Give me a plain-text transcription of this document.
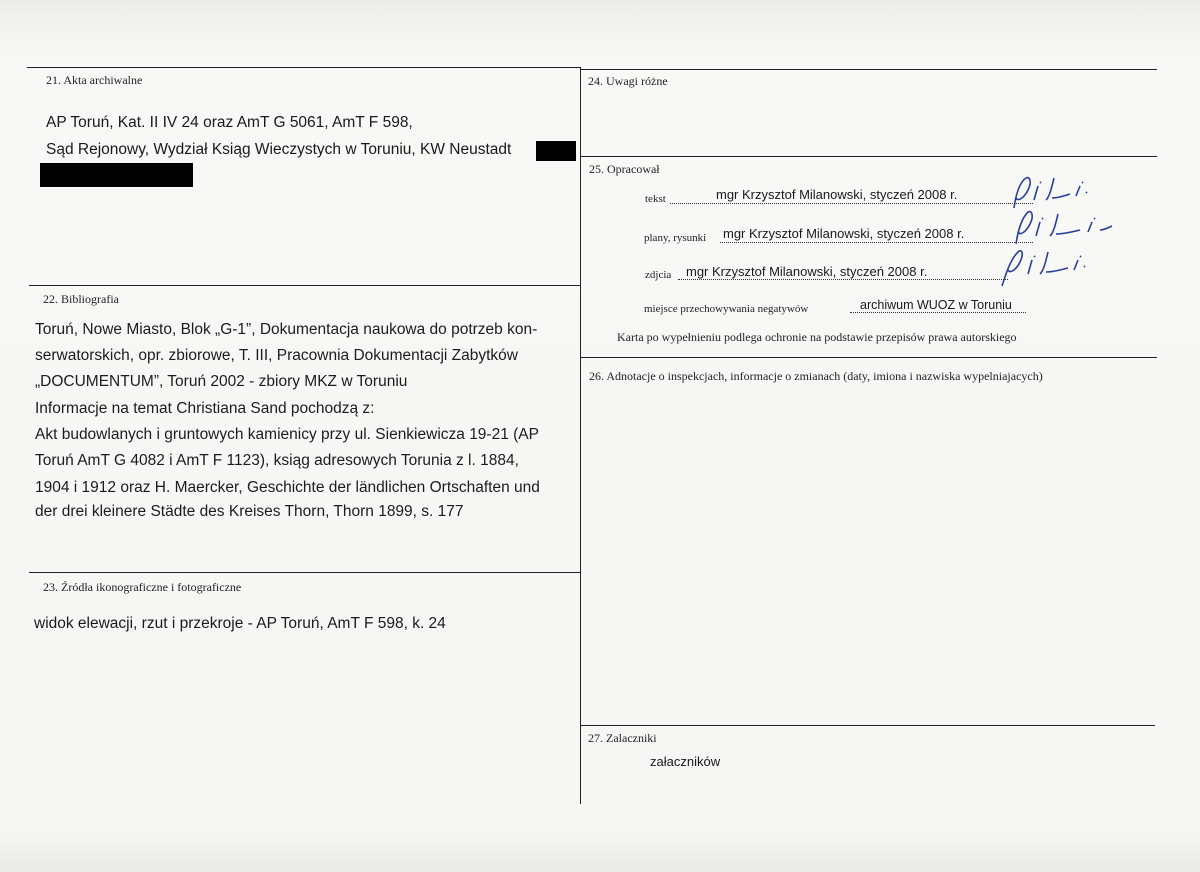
21. Akta archiwalne
AP Toruń, Kat. II IV 24 oraz AmT G 5061, AmT F 598,
Sąd Rejonowy, Wydział Ksiąg Wieczystych w Toruniu, KW Neustadt
22. Bibliografia
Toruń, Nowe Miasto, Blok „G-1”, Dokumentacja naukowa do potrzeb kon-
serwatorskich, opr. zbiorowe, T. III, Pracownia Dokumentacji Zabytków
„DOCUMENTUM”, Toruń 2002 - zbiory MKZ w Toruniu
Informacje na temat Christiana Sand pochodzą z:
Akt budowlanych i gruntowych kamienicy przy ul. Sienkiewicza 19-21 (AP
Toruń AmT G 4082 i AmT F 1123), ksiąg adresowych Torunia z l. 1884,
1904 i 1912 oraz H. Maercker, Geschichte der ländlichen Ortschaften und
der drei kleinere Städte des Kreises Thorn, Thorn 1899, s. 177
23. Źródła ikonograficzne i fotograficzne
widok elewacji, rzut i przekroje - AP Toruń, AmT F 598, k. 24
24. Uwagi różne
25. Opracował
tekst	mgr Krzysztof Milanowski, styczeń 2008 r.
plany, rysunki mgr Krzysztof Milanowski, styczeń 2008 r.
zdjcia mgr Krzysztof Milanowski, styczeń 2008 r.
miejsce przechowywania negatywów	archiwum WUOZ w Toruniu
Karta po wypełnieniu podlega ochronie na podstawie przepisów prawa autorskiego
26. Adnotacje o inspekcjach, informacje o zmianach (daty, imiona i nazwiska wypelniajacych)
27. Zalaczniki
załaczników
